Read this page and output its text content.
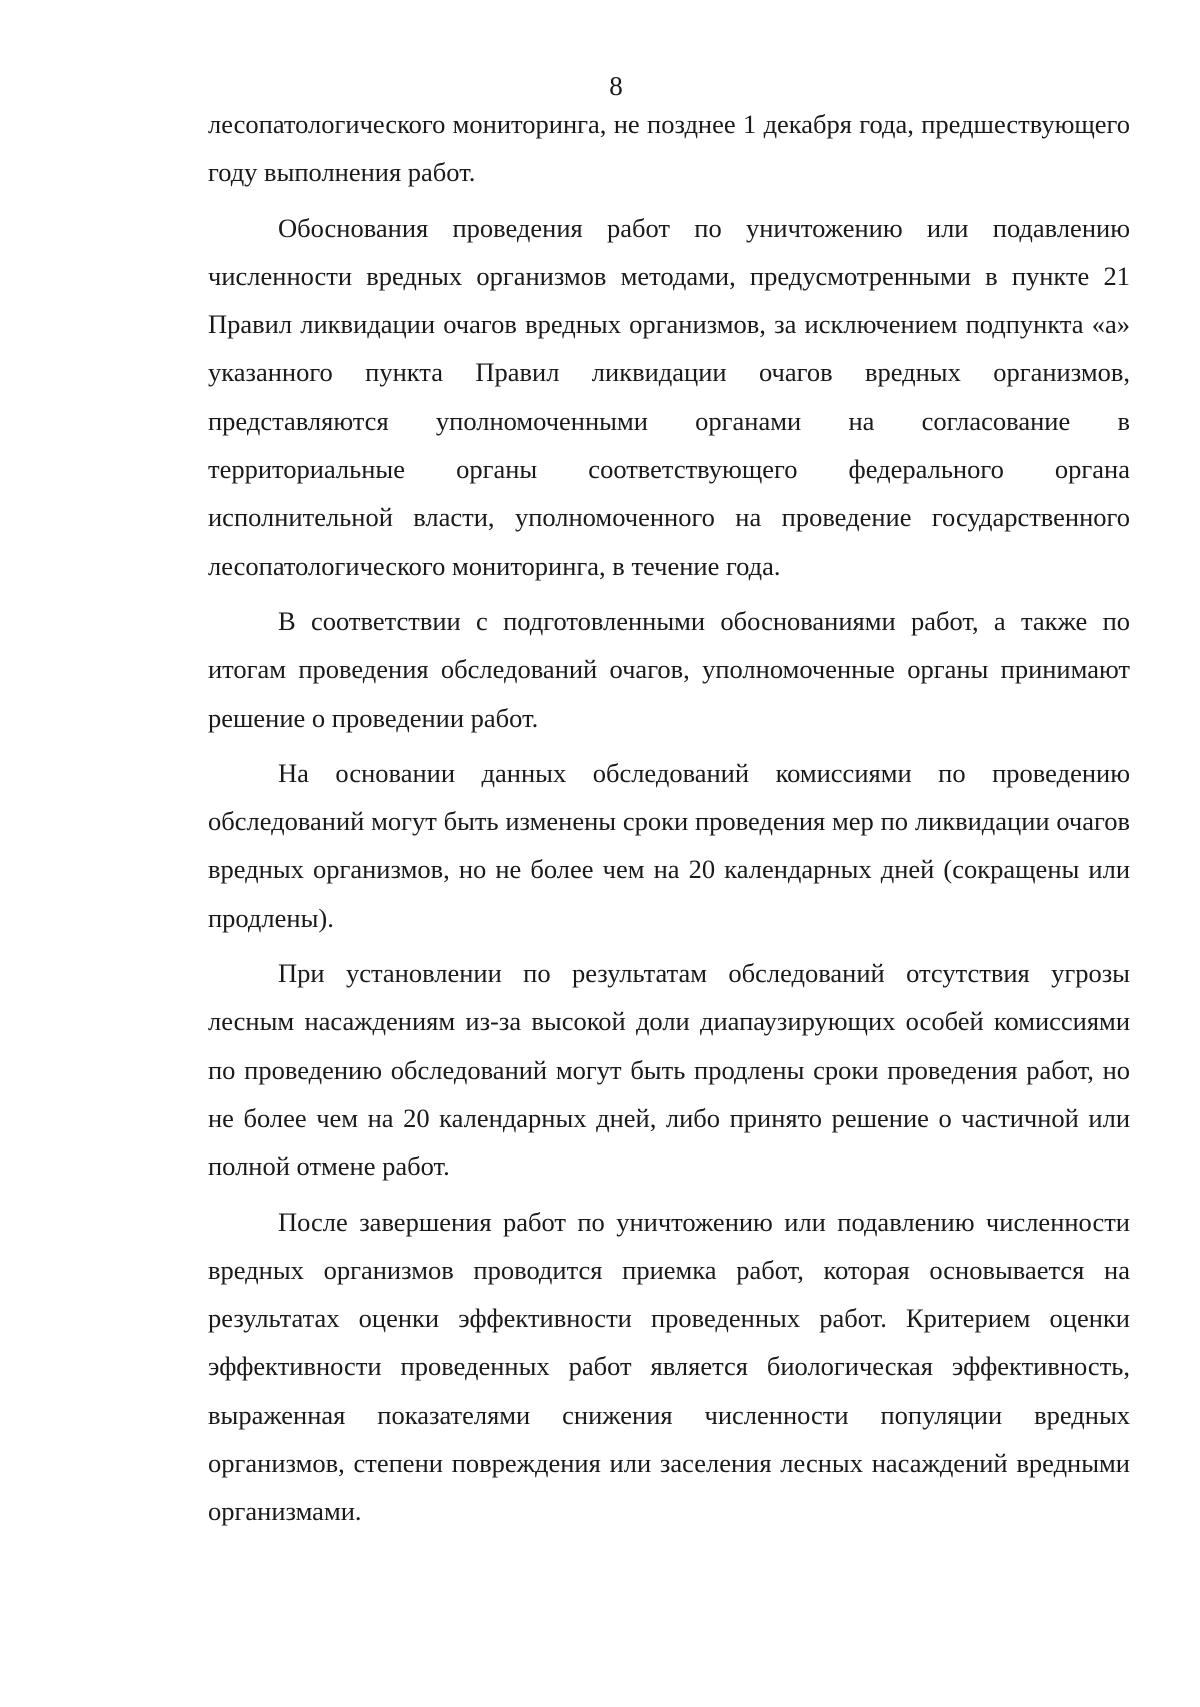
8

лесопатологического мониторинга, не позднее 1 декабря года, предшествующего году выполнения работ.

Обоснования проведения работ по уничтожению или подавлению численности вредных организмов методами, предусмотренными в пункте 21 Правил ликвидации очагов вредных организмов, за исключением подпункта «а» указанного пункта Правил ликвидации очагов вредных организмов, представляются уполномоченными органами на согласование в территориальные органы соответствующего федерального органа исполнительной власти, уполномоченного на проведение государственного лесопатологического мониторинга, в течение года.

В соответствии с подготовленными обоснованиями работ, а также по итогам проведения обследований очагов, уполномоченные органы принимают решение о проведении работ.

На основании данных обследований комиссиями по проведению обследований могут быть изменены сроки проведения мер по ликвидации очагов вредных организмов, но не более чем на 20 календарных дней (сокращены или продлены).

При установлении по результатам обследований отсутствия угрозы лесным насаждениям из-за высокой доли диапаузирующих особей комиссиями по проведению обследований могут быть продлены сроки проведения работ, но не более чем на 20 календарных дней, либо принято решение о частичной или полной отмене работ.

После завершения работ по уничтожению или подавлению численности вредных организмов проводится приемка работ, которая основывается на результатах оценки эффективности проведенных работ. Критерием оценки эффективности проведенных работ является биологическая эффективность, выраженная показателями снижения численности популяции вредных организмов, степени повреждения или заселения лесных насаждений вредными организмами.
